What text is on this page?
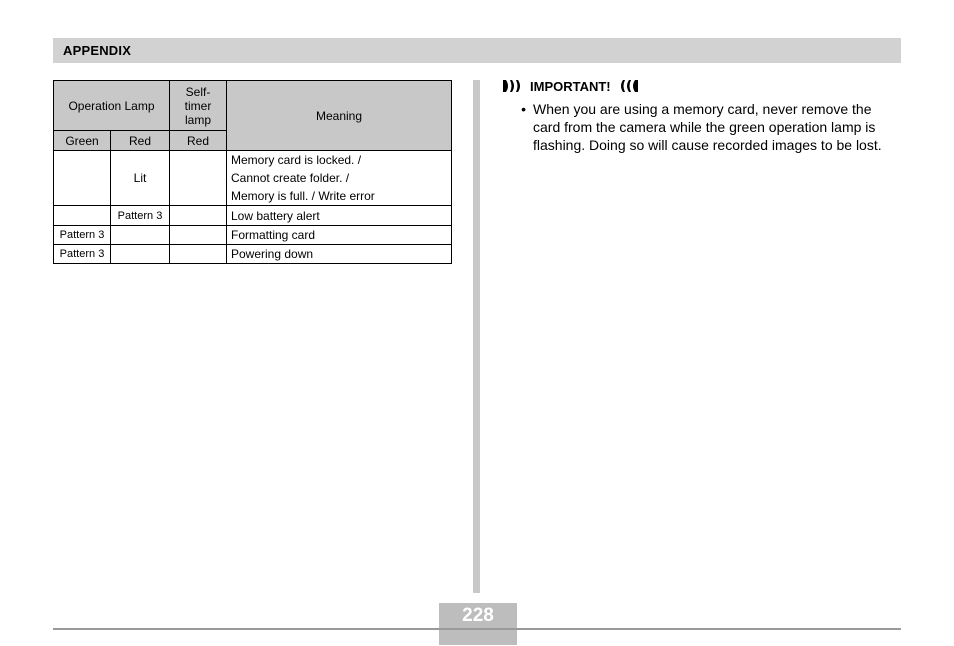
APPENDIX
Operation Lamp		Self-
timer
lamp	Meaning
Green	Red	Red	
	Lit		Memory card is locked. /
Cannot create folder. /
Memory is full. / Write error

	Pattern 3		Low battery alert
Pattern 3			Formatting card
Pattern 3			Powering down
IMPORTANT!
• When you are using a memory card, never remove the card from the camera while the green operation lamp is flashing. Doing so will cause recorded images to be lost.
228
